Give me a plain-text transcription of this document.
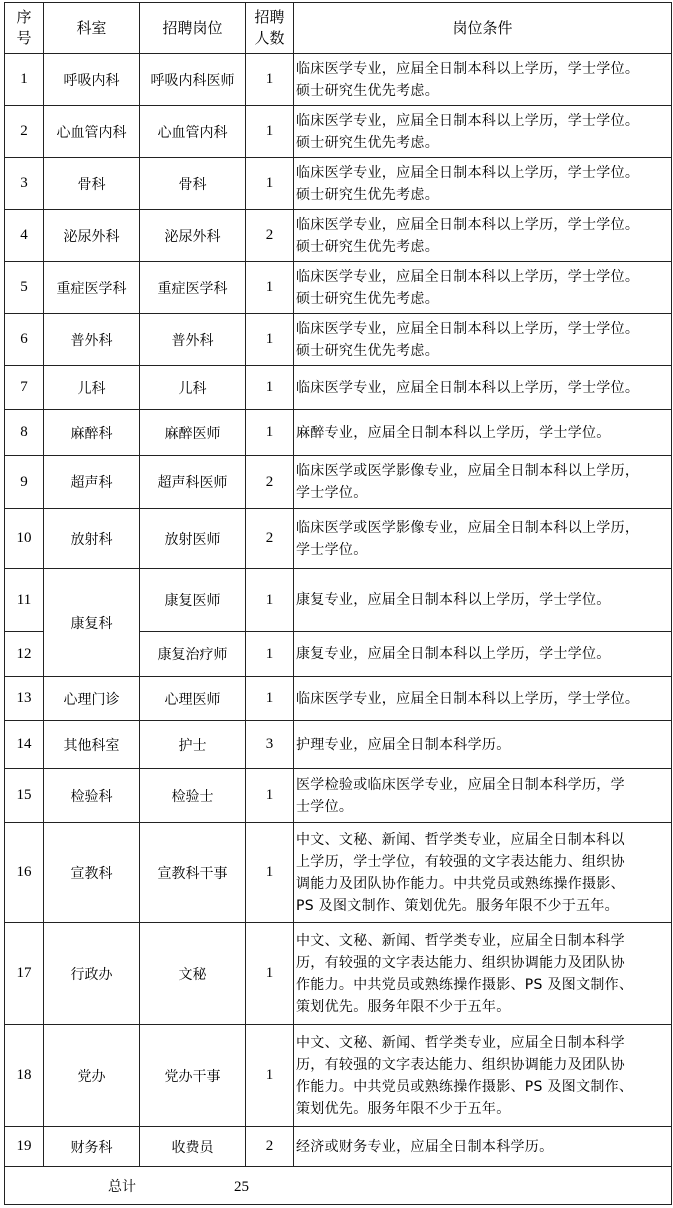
序
号	科室	招聘岗位	招聘
人数	岗位条件
1	呼吸内科	呼吸内科医师	1	临床医学专业，应届全日制本科以上学历，学士学位。
硕士研究生优先考虑。
2	心血管内科	心血管内科	1	临床医学专业，应届全日制本科以上学历，学士学位。
硕士研究生优先考虑。
3	骨科	骨科	1	临床医学专业，应届全日制本科以上学历，学士学位。
硕士研究生优先考虑。
4	泌尿外科	泌尿外科	2	临床医学专业，应届全日制本科以上学历，学士学位。
硕士研究生优先考虑。
5	重症医学科	重症医学科	1	临床医学专业，应届全日制本科以上学历，学士学位。
硕士研究生优先考虑。
6	普外科	普外科	1	临床医学专业，应届全日制本科以上学历，学士学位。
硕士研究生优先考虑。
7	儿科	儿科	1	临床医学专业，应届全日制本科以上学历，学士学位。
8	麻醉科	麻醉医师	1	麻醉专业，应届全日制本科以上学历，学士学位。
9	超声科	超声科医师	2	临床医学或医学影像专业，应届全日制本科以上学历，
学士学位。
10	放射科	放射医师	2	临床医学或医学影像专业，应届全日制本科以上学历，
学士学位。
11	康复科	康复医师	1	康复专业，应届全日制本科以上学历，学士学位。
12		康复治疗师	1	康复专业，应届全日制本科以上学历，学士学位。
13	心理门诊	心理医师	1	临床医学专业，应届全日制本科以上学历，学士学位。
14	其他科室	护士	3	护理专业，应届全日制本科学历。
15	检验科	检验士	1	医学检验或临床医学专业，应届全日制本科学历，学
士学位。
16	宣教科	宣教科干事	1	中文、文秘、新闻、哲学类专业，应届全日制本科以
上学历，学士学位，有较强的文字表达能力、组织协
调能力及团队协作能力。中共党员或熟练操作摄影、
PS 及图文制作、策划优先。服务年限不少于五年。
17	行政办	文秘	1	中文、文秘、新闻、哲学类专业，应届全日制本科学
历，有较强的文字表达能力、组织协调能力及团队协
作能力。中共党员或熟练操作摄影、PS 及图文制作、
策划优先。服务年限不少于五年。
18	党办	党办干事	1	中文、文秘、新闻、哲学类专业，应届全日制本科学
历，有较强的文字表达能力、组织协调能力及团队协
作能力。中共党员或熟练操作摄影、PS 及图文制作、
策划优先。服务年限不少于五年。
19	财务科	收费员	2	经济或财务专业，应届全日制本科学历。
总计 25				
